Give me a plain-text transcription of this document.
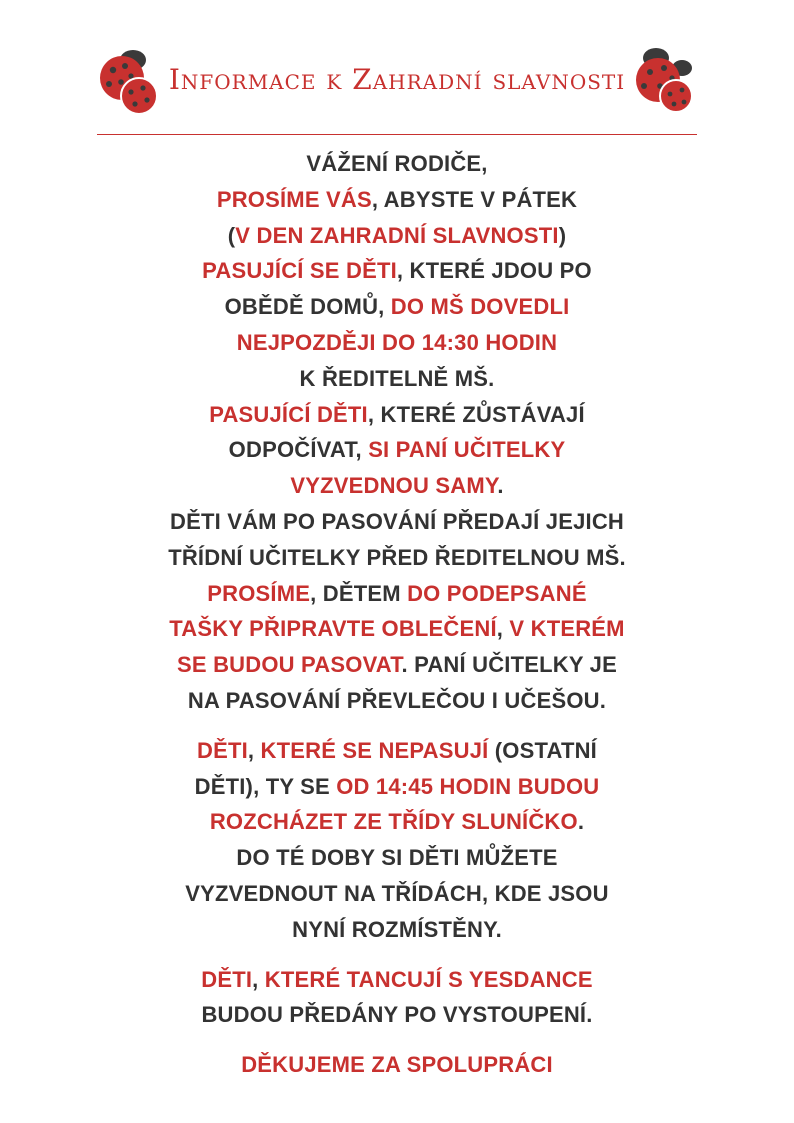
Informace k Zahradní slavnosti

VÁŽENÍ RODIČE,
PROSÍME VÁS, ABYSTE V PÁTEK
(V DEN ZAHRADNÍ SLAVNOSTI)
PASUJÍCÍ SE DĚTI, KTERÉ JDOU PO
OBĚDĚ DOMŮ, DO MŠ DOVEDLI
NEJPOZDĚJI DO 14:30 HODIN
K ŘEDITELNĚ MŠ.
PASUJÍCÍ DĚTI, KTERÉ ZŮSTÁVAJÍ
ODPOČÍVAT, SI PANÍ UČITELKY
VYZVEDNOU SAMY.
DĚTI VÁM PO PASOVÁNÍ PŘEDAJÍ JEJICH
TŘÍDNÍ UČITELKY PŘED ŘEDITELNOU MŠ.
PROSÍME, DĚTEM DO PODEPSANÉ
TAŠKY PŘIPRAVTE OBLEČENÍ, V KTERÉM
SE BUDOU PASOVAT. PANÍ UČITELKY JE
NA PASOVÁNÍ PŘEVLEČOU I UČEŠOU.

DĚTI, KTERÉ SE NEPASUJÍ (OSTATNÍ
DĚTI), TY SE OD 14:45 HODIN BUDOU
ROZCHÁZET ZE TŘÍDY SLUNÍČKO.
DO TÉ DOBY SI DĚTI MŮŽETE
VYZVEDNOUT NA TŘÍDÁCH, KDE JSOU
NYNÍ ROZMÍSTĚNY.

DĚTI, KTERÉ TANCUJÍ S YESDANCE
BUDOU PŘEDÁNY PO VYSTOUPENÍ.

DĚKUJEME ZA SPOLUPRÁCI
